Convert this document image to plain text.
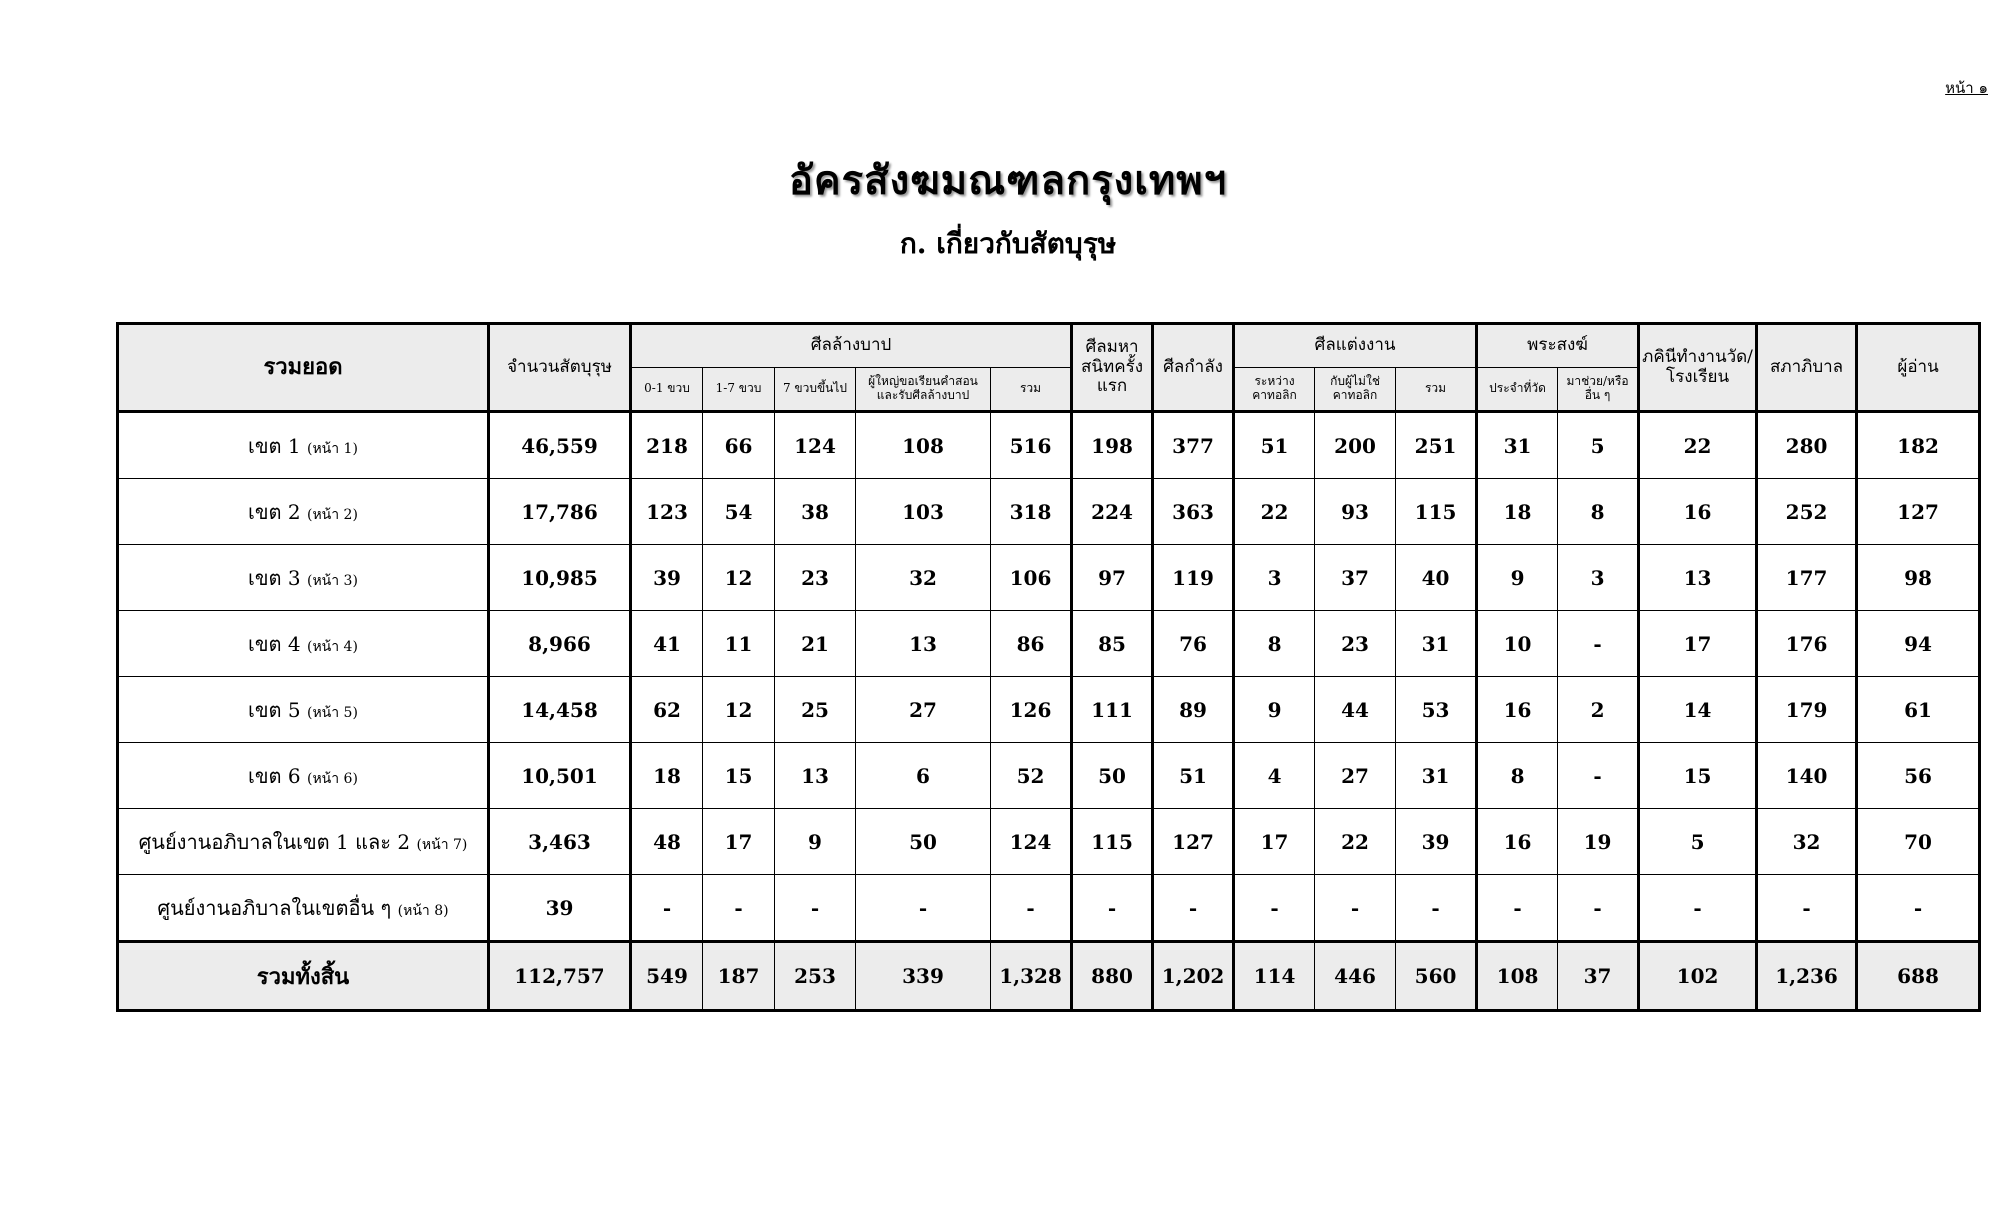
หน้า ๑
อัครสังฆมณฑลกรุงเทพฯ
ก. เกี่ยวกับสัตบุรุษ
รวมยอด	จำนวนสัตบุรุษ	ศีลล้างบาป					ศีลมหาสนิทครั้งแรก	ศีลกำลัง	ศีลแต่งงาน			พระสงฆ์		ภคินีทำงานวัด/โรงเรียน	สภาภิบาล	ผู้อ่าน
		0-1 ขวบ	1-7 ขวบ	7 ขวบขึ้นไป	ผู้ใหญ่ขอเรียนคำสอนและรับศีลล้างบาป	รวม			ระหว่างคาทอลิก	กับผู้ไม่ใช่คาทอลิก	รวม	ประจำที่วัด	มาช่วย/หรืออื่น ๆ			
เขต 1 (หน้า 1)	46,559	218	66	124	108	516	198	377	51	200	251	31	5	22	280	182
เขต 2 (หน้า 2)	17,786	123	54	38	103	318	224	363	22	93	115	18	8	16	252	127
เขต 3 (หน้า 3)	10,985	39	12	23	32	106	97	119	3	37	40	9	3	13	177	98
เขต 4 (หน้า 4)	8,966	41	11	21	13	86	85	76	8	23	31	10	-	17	176	94
เขต 5 (หน้า 5)	14,458	62	12	25	27	126	111	89	9	44	53	16	2	14	179	61
เขต 6 (หน้า 6)	10,501	18	15	13	6	52	50	51	4	27	31	8	-	15	140	56
ศูนย์งานอภิบาลในเขต 1 และ 2 (หน้า 7)	3,463	48	17	9	50	124	115	127	17	22	39	16	19	5	32	70
ศูนย์งานอภิบาลในเขตอื่น ๆ (หน้า 8)	39	-	-	-	-	-	-	-	-	-	-	-	-	-	-	-
รวมทั้งสิ้น	112,757	549	187	253	339	1,328	880	1,202	114	446	560	108	37	102	1,236	688
